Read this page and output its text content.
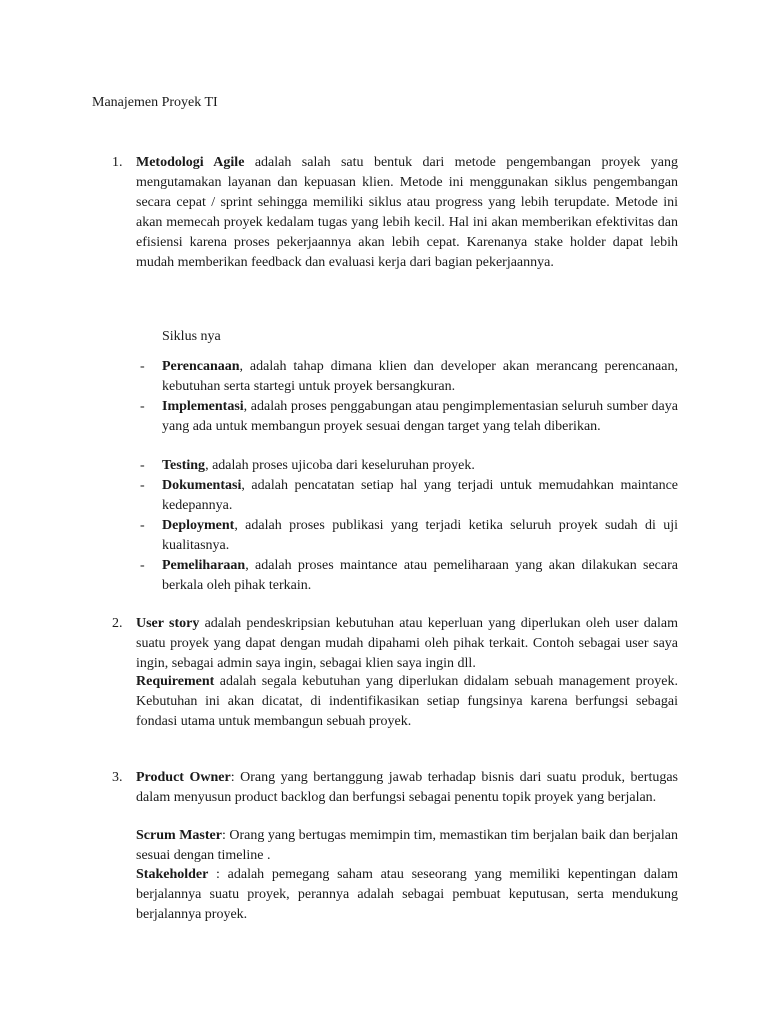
Manajemen Proyek TI
1. Metodologi Agile adalah salah satu bentuk dari metode pengembangan proyek yang mengutamakan layanan dan kepuasan klien. Metode ini menggunakan siklus pengembangan secara cepat / sprint sehingga memiliki siklus atau progress yang lebih terupdate. Metode ini akan memecah proyek kedalam tugas yang lebih kecil. Hal ini akan memberikan efektivitas dan efisiensi karena proses pekerjaannya akan lebih cepat. Karenanya stake holder dapat lebih mudah memberikan feedback dan evaluasi kerja dari bagian pekerjaannya.
Siklus nya
- Perencanaan, adalah tahap dimana klien dan developer akan merancang perencanaan, kebutuhan serta startegi untuk proyek bersangkuran.
- Implementasi, adalah proses penggabungan atau pengimplementasian seluruh sumber daya yang ada untuk membangun proyek sesuai dengan target yang telah diberikan.
- Testing, adalah proses ujicoba dari keseluruhan proyek.
- Dokumentasi, adalah pencatatan setiap hal yang terjadi untuk memudahkan maintance kedepannya.
- Deployment, adalah proses publikasi yang terjadi ketika seluruh proyek sudah di uji kualitasnya.
- Pemeliharaan, adalah proses maintance atau pemeliharaan yang akan dilakukan secara berkala oleh pihak terkain.
2. User story adalah pendeskripsian kebutuhan atau keperluan yang diperlukan oleh user dalam suatu proyek yang dapat dengan mudah dipahami oleh pihak terkait. Contoh sebagai user saya ingin, sebagai admin saya ingin, sebagai klien saya ingin dll.
Requirement adalah segala kebutuhan yang diperlukan didalam sebuah management proyek. Kebutuhan ini akan dicatat, di indentifikasikan setiap fungsinya karena berfungsi sebagai fondasi utama untuk membangun sebuah proyek.
3. Product Owner: Orang yang bertanggung jawab terhadap bisnis dari suatu produk, bertugas dalam menyusun product backlog dan berfungsi sebagai penentu topik proyek yang berjalan.
Scrum Master: Orang yang bertugas memimpin tim, memastikan tim berjalan baik dan berjalan sesuai dengan timeline .
Stakeholder : adalah pemegang saham atau seseorang yang memiliki kepentingan dalam berjalannya suatu proyek, perannya adalah sebagai pembuat keputusan, serta mendukung berjalannya proyek.
